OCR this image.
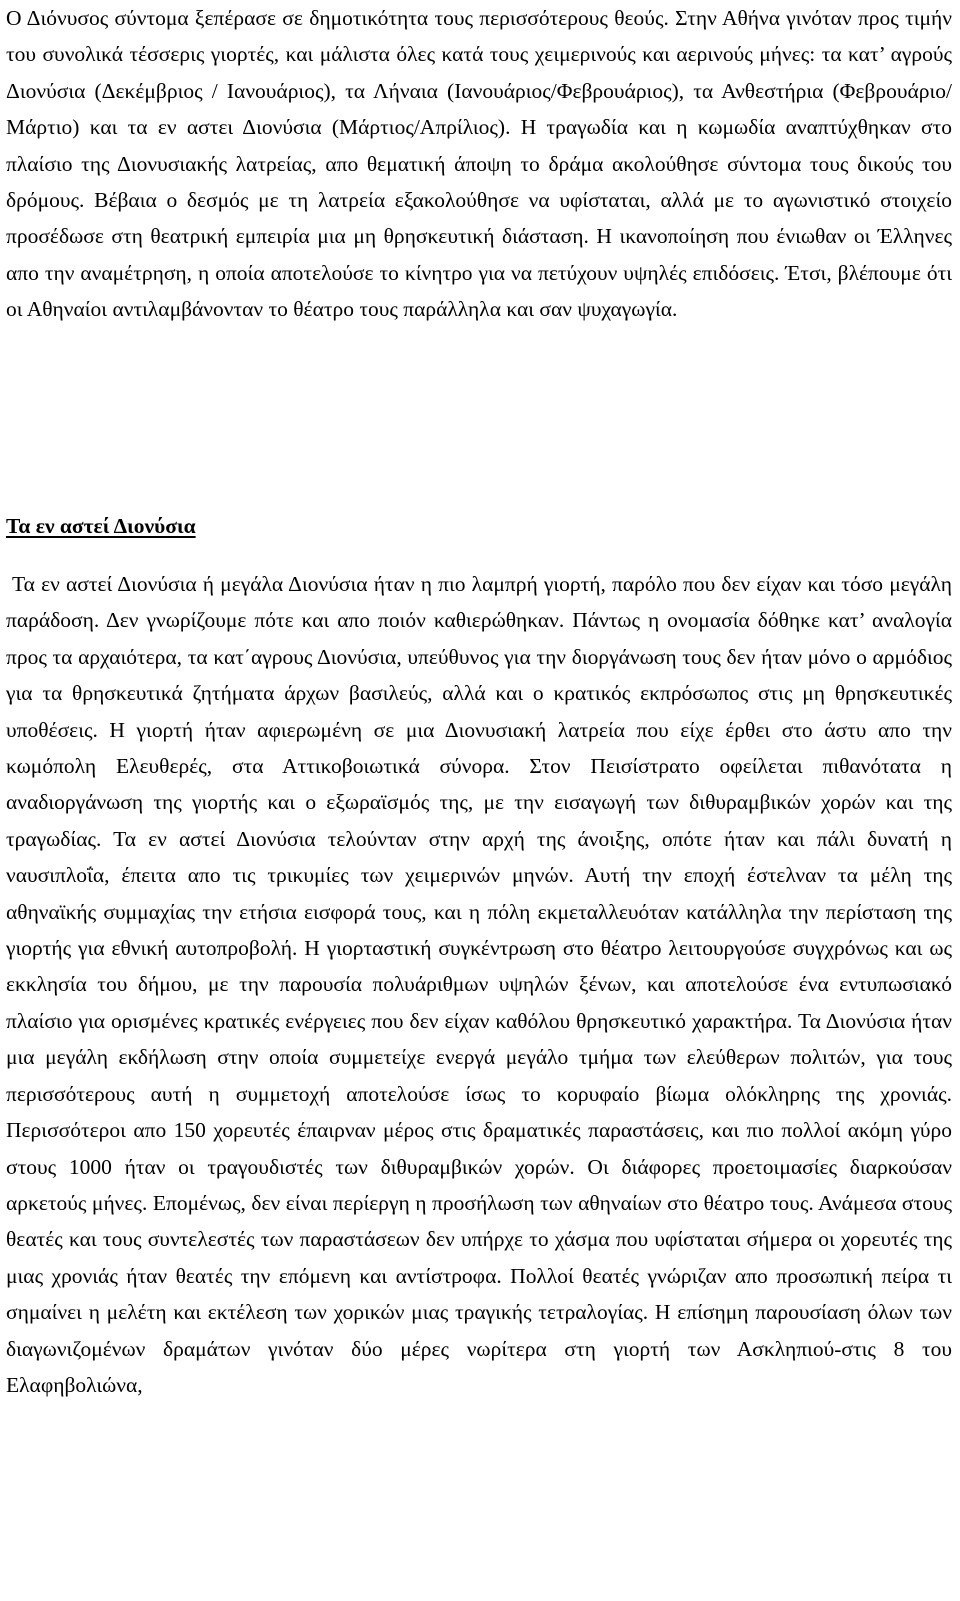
Ο Διόνυσος σύντομα ξεπέρασε σε δημοτικότητα τους περισσότερους θεούς. Στην Αθήνα γινόταν προς τιμήν του συνολικά τέσσερις γιορτές, και μάλιστα όλες κατά τους χειμερινούς και αερινούς μήνες: τα κατ’ αγρούς Διονύσια (Δεκέμβριος / Ιανουάριος), τα Λήναια (Ιανουάριος/Φεβρουάριος), τα Ανθεστήρια (Φεβρουάριο/Μάρτιο) και τα εν αστει Διονύσια (Μάρτιος/Απρίλιος). Η τραγωδία και η κωμωδία αναπτύχθηκαν στο πλαίσιο της Διονυσιακής λατρείας, απο θεματική άποψη το δράμα ακολούθησε σύντομα τους δικούς του δρόμους. Βέβαια ο δεσμός με τη λατρεία εξακολούθησε να υφίσταται, αλλά με το αγωνιστικό στοιχείο προσέδωσε στη θεατρική εμπειρία μια μη θρησκευτική διάσταση. Η ικανοποίηση που ένιωθαν οι Έλληνες απο την αναμέτρηση, η οποία αποτελούσε το κίνητρο για να πετύχουν υψηλές επιδόσεις. Έτσι, βλέπουμε ότι οι Αθηναίοι αντιλαμβάνονταν το θέατρο τους παράλληλα και σαν ψυχαγωγία.

Τα εν αστεί Διονύσια

Τα εν αστεί Διονύσια ή μεγάλα Διονύσια ήταν η πιο λαμπρή γιορτή, παρόλο που δεν είχαν και τόσο μεγάλη παράδοση. Δεν γνωρίζουμε πότε και απο ποιόν καθιερώθηκαν. Πάντως η ονομασία δόθηκε κατ’ αναλογία προς τα αρχαιότερα, τα κατ΄αγρους Διονύσια, υπεύθυνος για την διοργάνωση τους δεν ήταν μόνο ο αρμόδιος για τα θρησκευτικά ζητήματα άρχων βασιλεύς, αλλά και ο κρατικός εκπρόσωπος στις μη θρησκευτικές υποθέσεις. Η γιορτή ήταν αφιερωμένη σε μια Διονυσιακή λατρεία που είχε έρθει στο άστυ απο την κωμόπολη Ελευθερές, στα Αττικοβοιωτικά σύνορα. Στον Πεισίστρατο οφείλεται πιθανότατα η αναδιοργάνωση της γιορτής και ο εξωραϊσμός της, με την εισαγωγή των διθυραμβικών χορών και της τραγωδίας. Τα εν αστεί Διονύσια τελούνταν στην αρχή της άνοιξης, οπότε ήταν και πάλι δυνατή η ναυσιπλοΐα, έπειτα απο τις τρικυμίες των χειμερινών μηνών. Αυτή την εποχή έστελναν τα μέλη της αθηναϊκής συμμαχίας την ετήσια εισφορά τους, και η πόλη εκμεταλλευόταν κατάλληλα την περίσταση της γιορτής για εθνική αυτοπροβολή. Η γιορταστική συγκέντρωση στο θέατρο λειτουργούσε συγχρόνως και ως εκκλησία του δήμου, με την παρουσία πολυάριθμων υψηλών ξένων, και αποτελούσε ένα εντυπωσιακό πλαίσιο για ορισμένες κρατικές ενέργειες που δεν είχαν καθόλου θρησκευτικό χαρακτήρα. Τα Διονύσια ήταν μια μεγάλη εκδήλωση στην οποία συμμετείχε ενεργά μεγάλο τμήμα των ελεύθερων πολιτών, για τους περισσότερους αυτή η συμμετοχή αποτελούσε ίσως το κορυφαίο βίωμα ολόκληρης της χρονιάς. Περισσότεροι απο 150 χορευτές έπαιρναν μέρος στις δραματικές παραστάσεις, και πιο πολλοί ακόμη γύρο στους 1000 ήταν οι τραγουδιστές των διθυραμβικών χορών. Οι διάφορες προετοιμασίες διαρκούσαν αρκετούς μήνες. Επομένως, δεν είναι περίεργη η προσήλωση των αθηναίων στο θέατρο τους. Ανάμεσα στους θεατές και τους συντελεστές των παραστάσεων δεν υπήρχε το χάσμα που υφίσταται σήμερα οι χορευτές της μιας χρονιάς ήταν θεατές την επόμενη και αντίστροφα. Πολλοί θεατές γνώριζαν απο προσωπική πείρα τι σημαίνει η μελέτη και εκτέλεση των χορικών μιας τραγικής τετραλογίας. Η επίσημη παρουσίαση όλων των διαγωνιζομένων δραμάτων γινόταν δύο μέρες νωρίτερα στη γιορτή των Ασκληπιού-στις 8 του Ελαφηβολιώνα,
